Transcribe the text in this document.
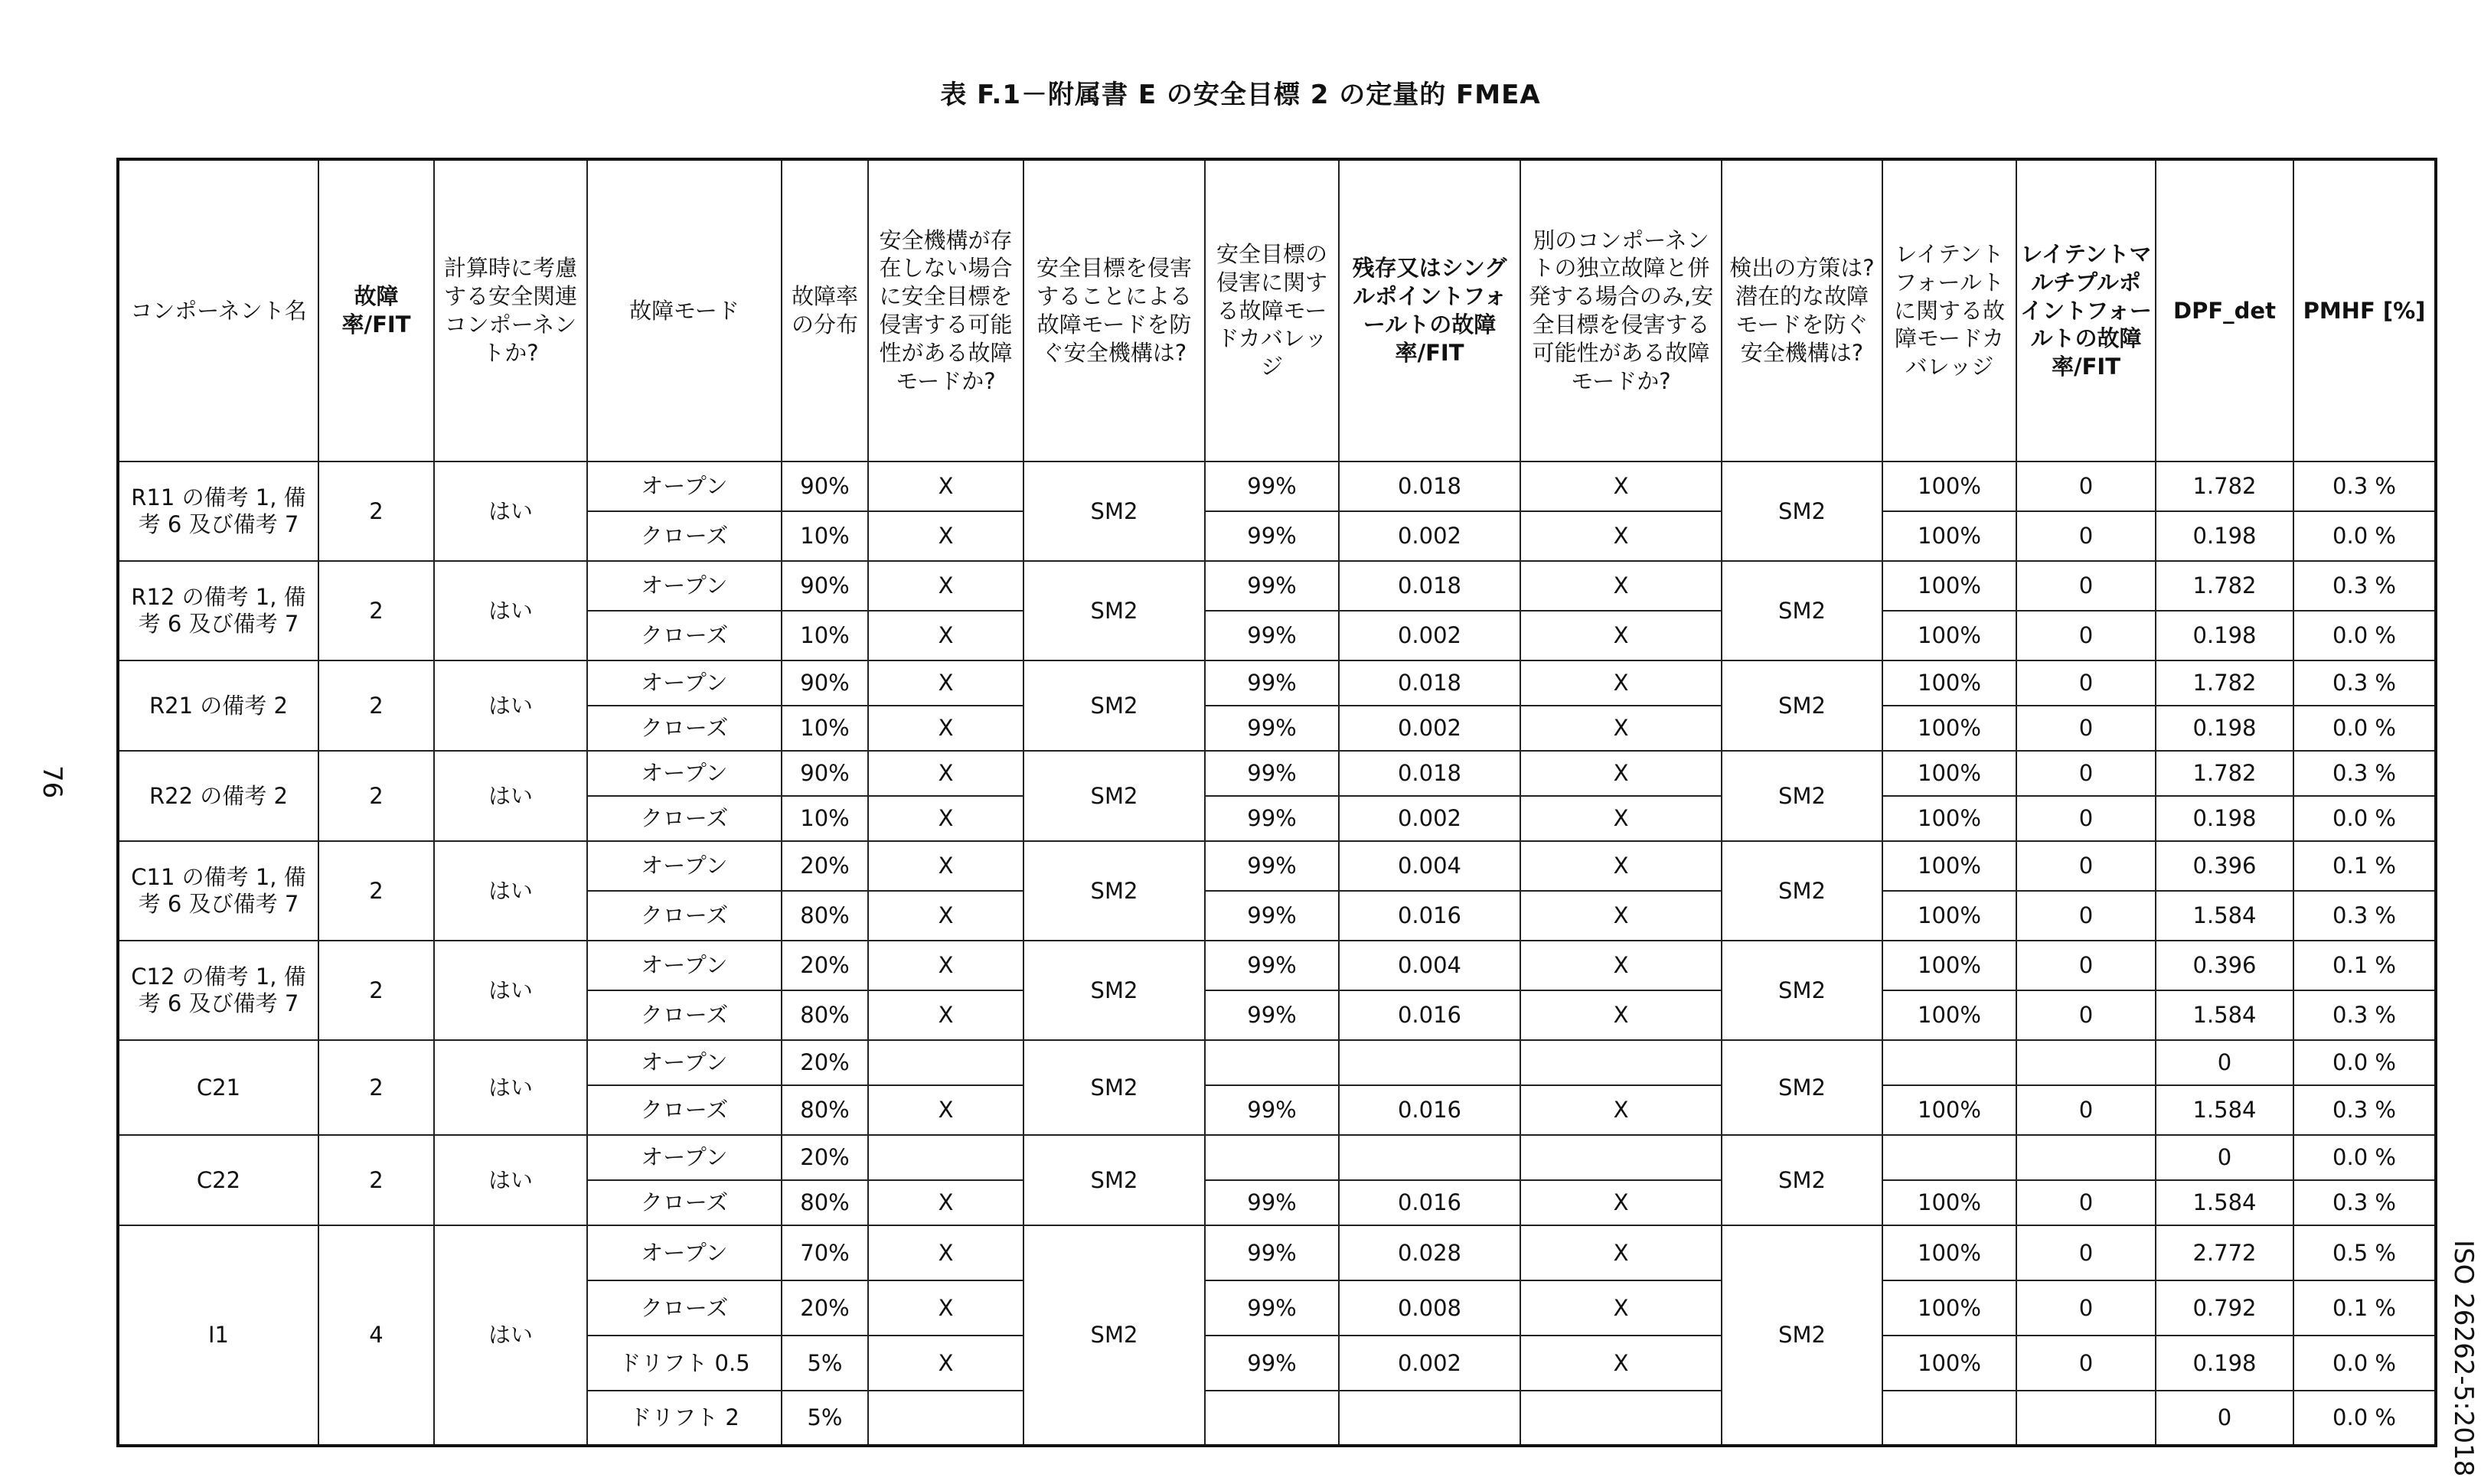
表 F.1－附属書 E の安全目標 2 の定量的 FMEA
76
ISO 26262-5:2018
コンポーネント名	故障率/FIT	計算時に考慮する安全関連コンポーネントか?	故障モード	故障率の分布	安全機構が存在しない場合に安全目標を侵害する可能性がある故障モードか?	安全目標を侵害することによる故障モードを防ぐ安全機構は?	安全目標の侵害に関する故障モードカバレッジ	残存又はシングルポイントフォールトの故障率/FIT	別のコンポーネントの独立故障と併発する場合のみ,安全目標を侵害する可能性がある故障モードか?	検出の方策は?潜在的な故障モードを防ぐ安全機構は?	レイテントフォールトに関する故障モードカバレッジ	レイテントマルチプルポイントフォールトの故障率/FIT	DPF_det	PMHF [%]
R11 の備考 1, 備考 6 及び備考 7	2	はい	オープン	90%	X	SM2	99%	0.018	X	SM2	100%	0	1.782	0.3 %
			クローズ	10%	X		99%	0.002	X		100%	0	0.198	0.0 %
R12 の備考 1, 備考 6 及び備考 7	2	はい	オープン	90%	X	SM2	99%	0.018	X	SM2	100%	0	1.782	0.3 %
			クローズ	10%	X		99%	0.002	X		100%	0	0.198	0.0 %
R21 の備考 2	2	はい	オープン	90%	X	SM2	99%	0.018	X	SM2	100%	0	1.782	0.3 %
			クローズ	10%	X		99%	0.002	X		100%	0	0.198	0.0 %
R22 の備考 2	2	はい	オープン	90%	X	SM2	99%	0.018	X	SM2	100%	0	1.782	0.3 %
			クローズ	10%	X		99%	0.002	X		100%	0	0.198	0.0 %
C11 の備考 1, 備考 6 及び備考 7	2	はい	オープン	20%	X	SM2	99%	0.004	X	SM2	100%	0	0.396	0.1 %
			クローズ	80%	X		99%	0.016	X		100%	0	1.584	0.3 %
C12 の備考 1, 備考 6 及び備考 7	2	はい	オープン	20%	X	SM2	99%	0.004	X	SM2	100%	0	0.396	0.1 %
			クローズ	80%	X		99%	0.016	X		100%	0	1.584	0.3 %
C21	2	はい	オープン	20%		SM2				SM2			0	0.0 %
			クローズ	80%	X		99%	0.016	X		100%	0	1.584	0.3 %
C22	2	はい	オープン	20%		SM2				SM2			0	0.0 %
			クローズ	80%	X		99%	0.016	X		100%	0	1.584	0.3 %
I1	4	はい	オープン	70%	X	SM2	99%	0.028	X	SM2	100%	0	2.772	0.5 %
			クローズ	20%	X		99%	0.008	X		100%	0	0.792	0.1 %
			ドリフト 0.5	5%	X		99%	0.002	X		100%	0	0.198	0.0 %
			ドリフト 2	5%									0	0.0 %
